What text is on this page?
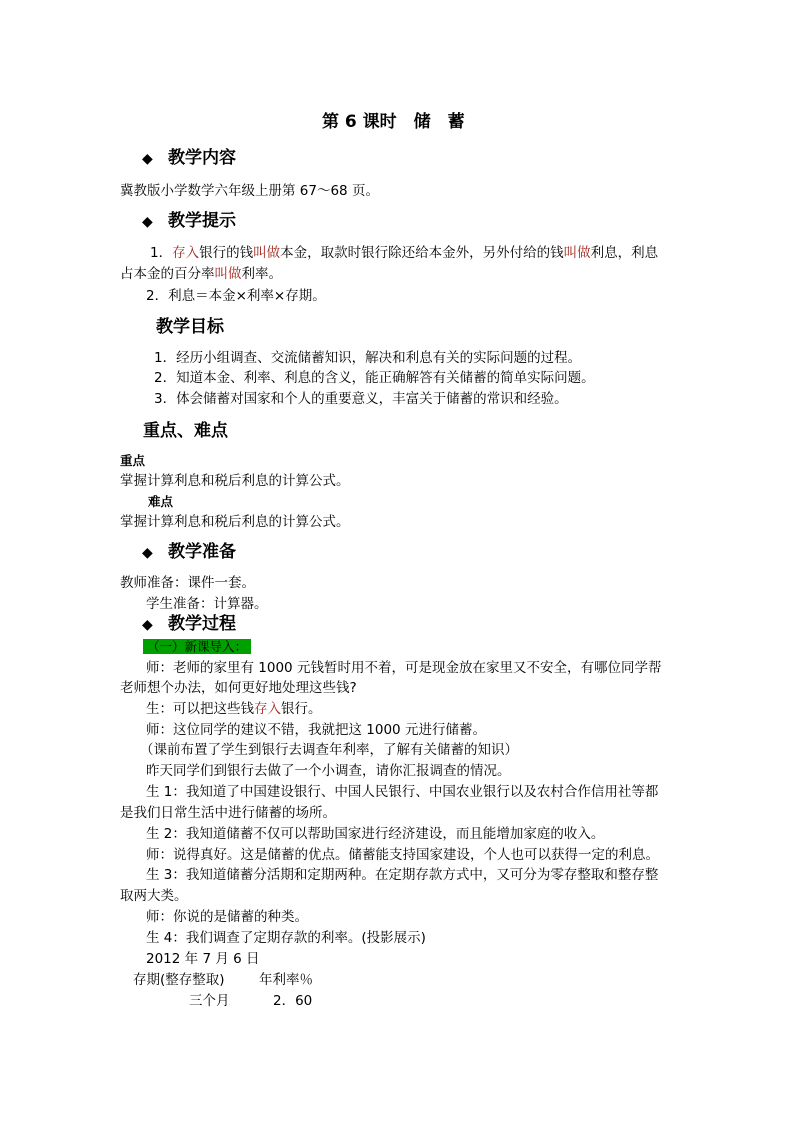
第 6 课时　储　蓄
◆ 教学内容
冀教版小学数学六年级上册第 67～68 页。
◆ 教学提示
1．存入银行的钱叫做本金，取款时银行除还给本金外，另外付给的钱叫做利息，利息
占本金的百分率叫做利率。
2．利息＝本金×利率×存期。
教学目标
1．经历小组调查、交流储蓄知识，解决和利息有关的实际问题的过程。
2．知道本金、利率、利息的含义，能正确解答有关储蓄的简单实际问题。
3．体会储蓄对国家和个人的重要意义，丰富关于储蓄的常识和经验。
重点、难点
重点
掌握计算利息和税后利息的计算公式。
难点
掌握计算利息和税后利息的计算公式。
◆ 教学准备
教师准备：课件一套。
学生准备：计算器。
◆ 教学过程
（一）新课导入：
师：老师的家里有 1000 元钱暂时用不着，可是现金放在家里又不安全，有哪位同学帮
老师想个办法，如何更好地处理这些钱?
生：可以把这些钱存入银行。
师：这位同学的建议不错，我就把这 1000 元进行储蓄。
（课前布置了学生到银行去调查年利率，了解有关储蓄的知识）
昨天同学们到银行去做了一个小调查，请你汇报调查的情况。
生 1：我知道了中国建设银行、中国人民银行、中国农业银行以及农村合作信用社等都
是我们日常生活中进行储蓄的场所。
生 2：我知道储蓄不仅可以帮助国家进行经济建设，而且能增加家庭的收入。
师：说得真好。这是储蓄的优点。储蓄能支持国家建设，个人也可以获得一定的利息。
生 3：我知道储蓄分活期和定期两种。在定期存款方式中，又可分为零存整取和整存整
取两大类。
师：你说的是储蓄的种类。
生 4：我们调查了定期存款的利率。(投影展示)
2012 年 7 月 6 日
存期(整存整取)	年利率％
三个月	2．60
